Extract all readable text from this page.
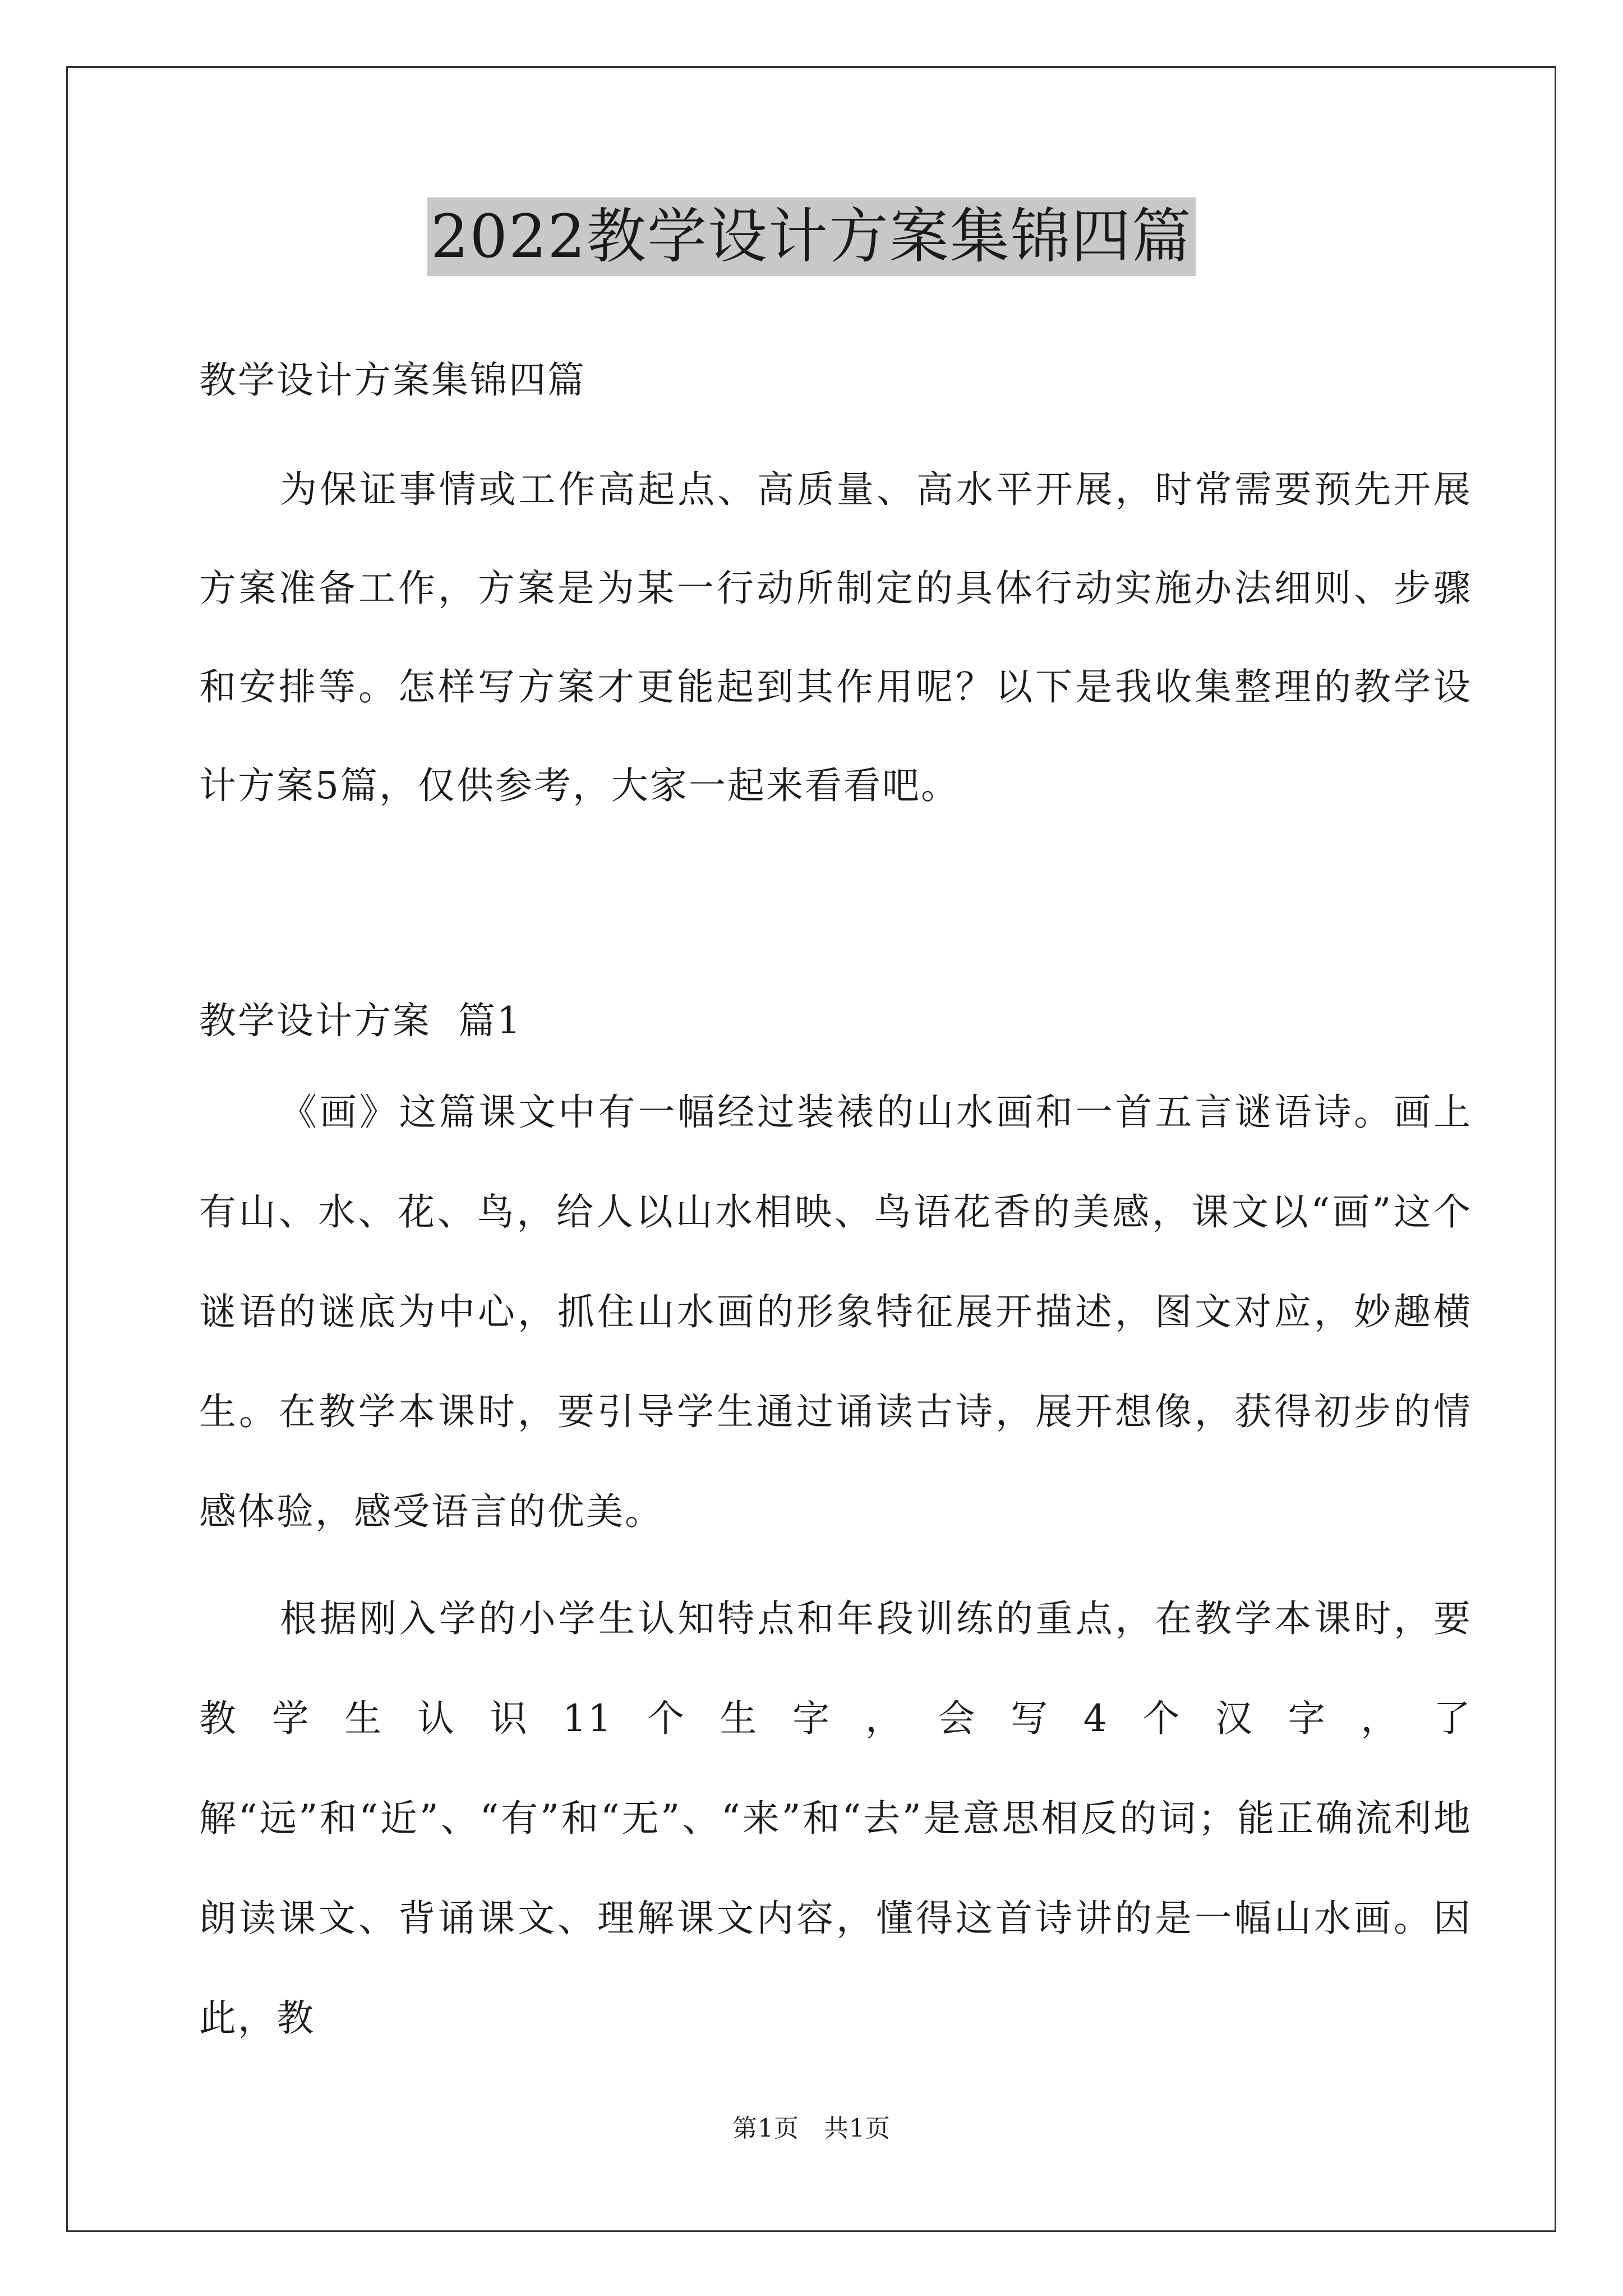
2022教学设计方案集锦四篇
教学设计方案集锦四篇

为保证事情或工作高起点、高质量、高水平开展，时常需要预先开展方案准备工作，方案是为某一行动所制定的具体行动实施办法细则、步骤和安排等。怎样写方案才更能起到其作用呢？以下是我收集整理的教学设计方案5篇，仅供参考，大家一起来看看吧。

教学设计方案  篇1

《画》这篇课文中有一幅经过装裱的山水画和一首五言谜语诗。画上有山、水、花、鸟，给人以山水相映、鸟语花香的美感，课文以“画”这个谜语的谜底为中心，抓住山水画的形象特征展开描述，图文对应，妙趣横生。在教学本课时，要引导学生通过诵读古诗，展开想像，获得初步的情感体验，感受语言的优美。

根据刚入学的小学生认知特点和年段训练的重点，在教学本课时，要教学生认识11个生字，会写4个汉字，了解“远”和“近”、“有”和“无”、“来”和“去”是意思相反的词；能正确流利地朗读课文、背诵课文、理解课文内容，懂得这首诗讲的是一幅山水画。因此，教

第1页 共1页
